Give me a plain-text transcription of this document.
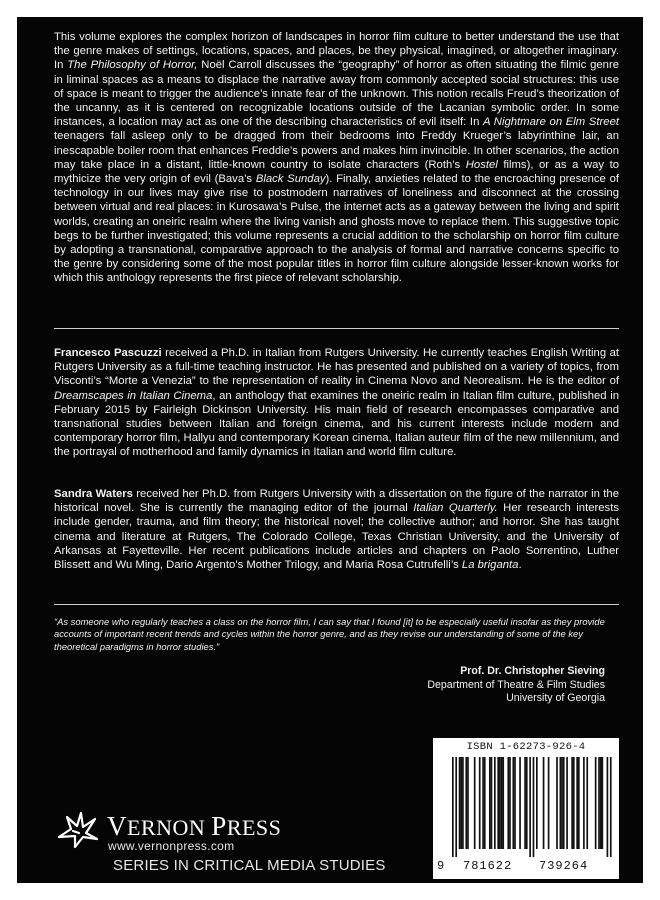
This volume explores the complex horizon of landscapes in horror film culture to better understand the use that the genre makes of settings, locations, spaces, and places, be they physical, imagined, or altogether imaginary. In The Philosophy of Horror, Noël Carroll discusses the “geography” of horror as often situating the filmic genre in liminal spaces as a means to displace the narrative away from commonly accepted social structures: this use of space is meant to trigger the audience’s innate fear of the unknown. This notion recalls Freud’s theorization of the uncanny, as it is centered on recognizable locations outside of the Lacanian symbolic order. In some instances, a location may act as one of the describing characteristics of evil itself: In A Nightmare on Elm Street teenagers fall asleep only to be dragged from their bedrooms into Freddy Krueger’s labyrinthine lair, an inescapable boiler room that enhances Freddie’s powers and makes him invincible. In other scenarios, the action may take place in a distant, little-known country to isolate characters (Roth’s Hostel films), or as a way to mythicize the very origin of evil (Bava’s Black Sunday). Finally, anxieties related to the encroaching presence of technology in our lives may give rise to postmodern narratives of loneliness and disconnect at the crossing between virtual and real places: in Kurosawa’s Pulse, the internet acts as a gateway between the living and spirit worlds, creating an oneiric realm where the living vanish and ghosts move to replace them. This suggestive topic begs to be further investigated; this volume represents a crucial addition to the scholarship on horror film culture by adopting a transnational, comparative approach to the analysis of formal and narrative concerns specific to the genre by considering some of the most popular titles in horror film culture alongside lesser-known works for which this anthology represents the first piece of relevant scholarship.

Francesco Pascuzzi received a Ph.D. in Italian from Rutgers University. He currently teaches English Writing at Rutgers University as a full-time teaching instructor. He has presented and published on a variety of topics, from Visconti’s “Morte a Venezia” to the representation of reality in Cinema Novo and Neorealism. He is the editor of Dreamscapes in Italian Cinema, an anthology that examines the oneiric realm in Italian film culture, published in February 2015 by Fairleigh Dickinson University. His main field of research encompasses comparative and transnational studies between Italian and foreign cinema, and his current interests include modern and contemporary horror film, Hallyu and contemporary Korean cinema, Italian auteur film of the new millennium, and the portrayal of motherhood and family dynamics in Italian and world film culture.

Sandra Waters received her Ph.D. from Rutgers University with a dissertation on the figure of the narrator in the historical novel. She is currently the managing editor of the journal Italian Quarterly. Her research interests include gender, trauma, and film theory; the historical novel; the collective author; and horror. She has taught cinema and literature at Rutgers, The Colorado College, Texas Christian University, and the University of Arkansas at Fayetteville. Her recent publications include articles and chapters on Paolo Sorrentino, Luther Blissett and Wu Ming, Dario Argento’s Mother Trilogy, and Maria Rosa Cutrufelli’s La briganta.

“As someone who regularly teaches a class on the horror film, I can say that I found [it] to be especially useful insofar as they provide accounts of important recent trends and cycles within the horror genre, and as they revise our understanding of some of the key theoretical paradigms in horror studies.”

Prof. Dr. Christopher Sieving
Department of Theatre & Film Studies
University of Georgia
VERNON PRESS
www.vernonpress.com
SERIES IN CRITICAL MEDIA STUDIES
ISBN 1-62273-926-4
9 781622 739264
